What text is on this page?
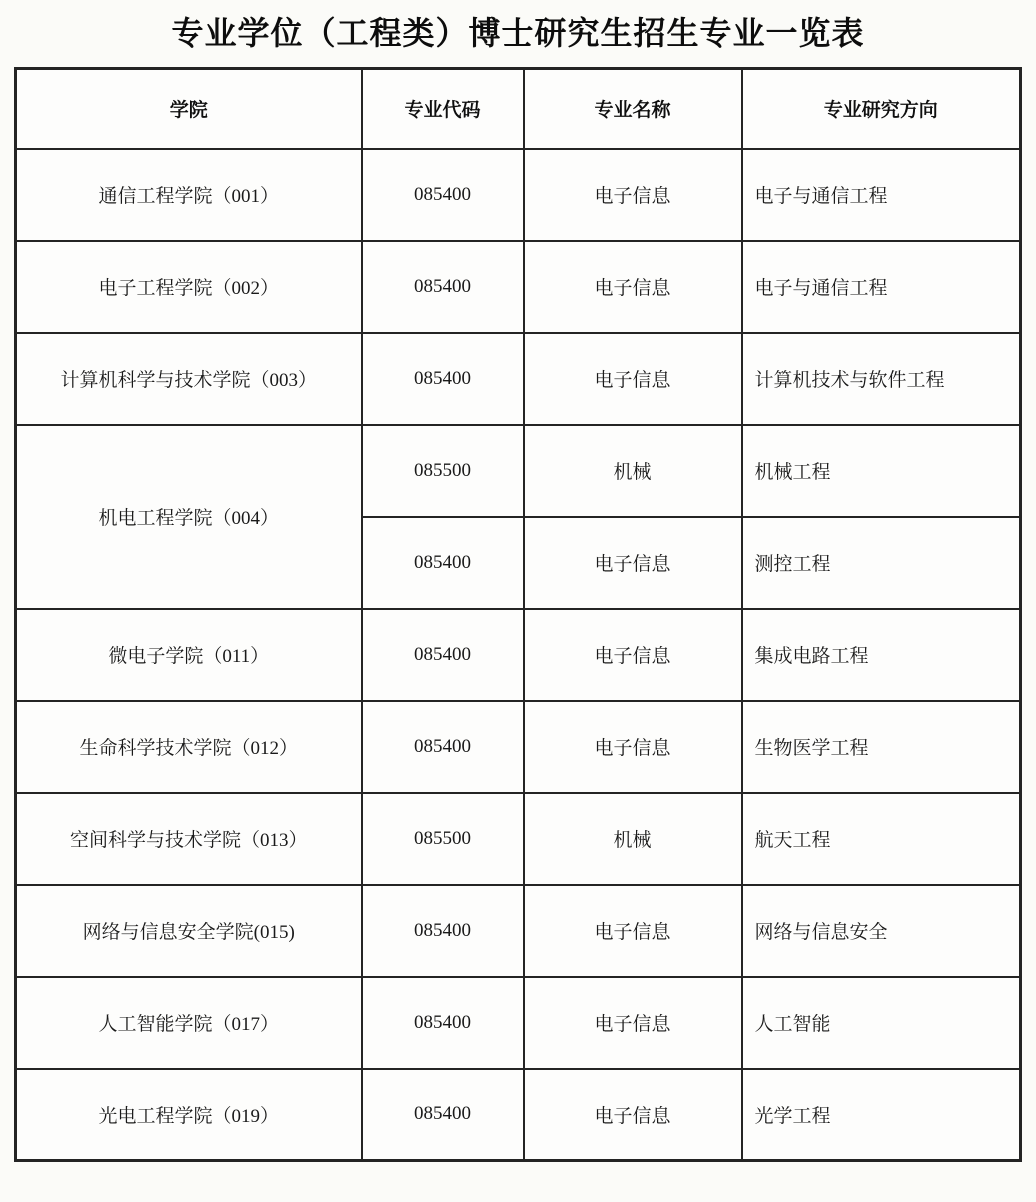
专业学位（工程类）博士研究生招生专业一览表
学院	专业代码	专业名称	专业研究方向
通信工程学院（001）	085400	电子信息	电子与通信工程
电子工程学院（002）	085400	电子信息	电子与通信工程
计算机科学与技术学院（003）	085400	电子信息	计算机技术与软件工程
机电工程学院（004）	085500	机械	机械工程
	085400	电子信息	测控工程
微电子学院（011）	085400	电子信息	集成电路工程
生命科学技术学院（012）	085400	电子信息	生物医学工程
空间科学与技术学院（013）	085500	机械	航天工程
网络与信息安全学院(015)	085400	电子信息	网络与信息安全
人工智能学院（017）	085400	电子信息	人工智能
光电工程学院（019）	085400	电子信息	光学工程
